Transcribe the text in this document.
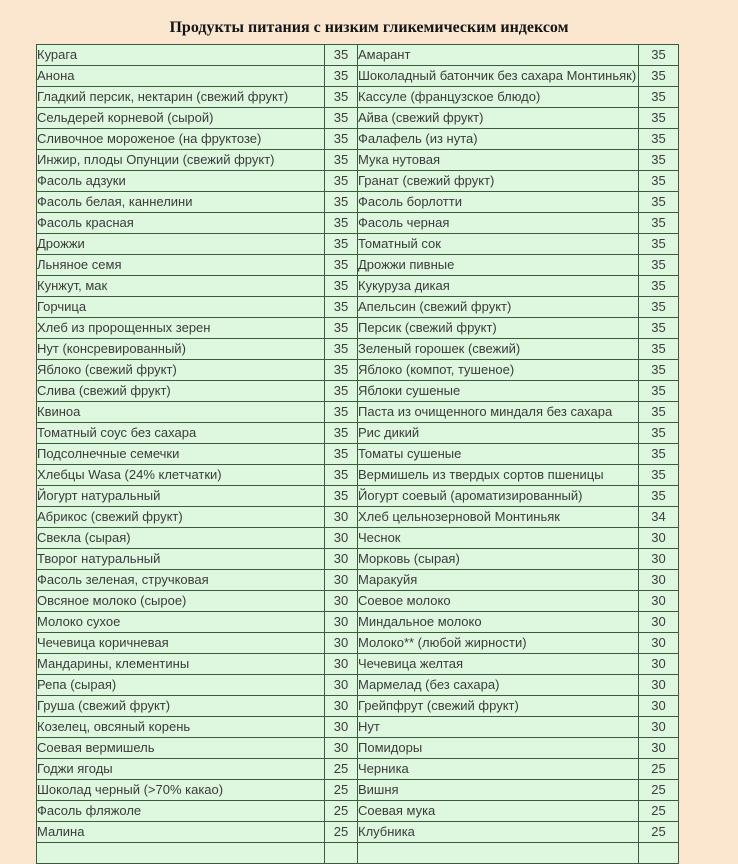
Продукты питания с низким гликемическим индексом
Курага	35	Амарант	35
Анона	35	Шоколадный батончик без сахара Монтиньяк)	35
Гладкий персик, нектарин (свежий фрукт)	35	Кассуле (французское блюдо)	35
Сельдерей корневой (сырой)	35	Айва (свежий фрукт)	35
Сливочное мороженое (на фруктозе)	35	Фалафель (из нута)	35
Инжир, плоды Опунции (свежий фрукт)	35	Мука нутовая	35
Фасоль адзуки	35	Гранат (свежий фрукт)	35
Фасоль белая, каннелини	35	Фасоль борлотти	35
Фасоль красная	35	Фасоль черная	35
Дрожжи	35	Томатный сок	35
Льняное семя	35	Дрожжи пивные	35
Кунжут, мак	35	Кукуруза дикая	35
Горчица	35	Апельсин (свежий фрукт)	35
Хлеб из пророщенных зерен	35	Персик (свежий фрукт)	35
Нут (консревированный)	35	Зеленый горошек (свежий)	35
Яблоко (свежий фрукт)	35	Яблоко (компот, тушеное)	35
Слива (свежий фрукт)	35	Яблоки сушеные	35
Квиноа	35	Паста из очищенного миндаля без сахара	35
Томатный соус без сахара	35	Рис дикий	35
Подсолнечные семечки	35	Томаты сушеные	35
Хлебцы Wasa (24% клетчатки)	35	Вермишель из твердых сортов пшеницы	35
Йогурт натуральный	35	Йогурт соевый (ароматизированный)	35
Абрикос (свежий фрукт)	30	Хлеб цельнозерновой Монтиньяк	34
Свекла (сырая)	30	Чеснок	30
Творог натуральный	30	Морковь (сырая)	30
Фасоль зеленая, стручковая	30	Маракуйя	30
Овсяное молоко (сырое)	30	Соевое молоко	30
Молоко сухое	30	Миндальное молоко	30
Чечевица коричневая	30	Молоко** (любой жирности)	30
Мандарины, клементины	30	Чечевица желтая	30
Репа (сырая)	30	Мармелад (без сахара)	30
Груша (свежий фрукт)	30	Грейпфрут (свежий фрукт)	30
Козелец, овсяный корень	30	Нут	30
Соевая вермишель	30	Помидоры	30
Годжи ягоды	25	Черника	25
Шоколад черный (>70% какао)	25	Вишня	25
Фасоль фляжоле	25	Соевая мука	25
Малина	25	Клубника	25
